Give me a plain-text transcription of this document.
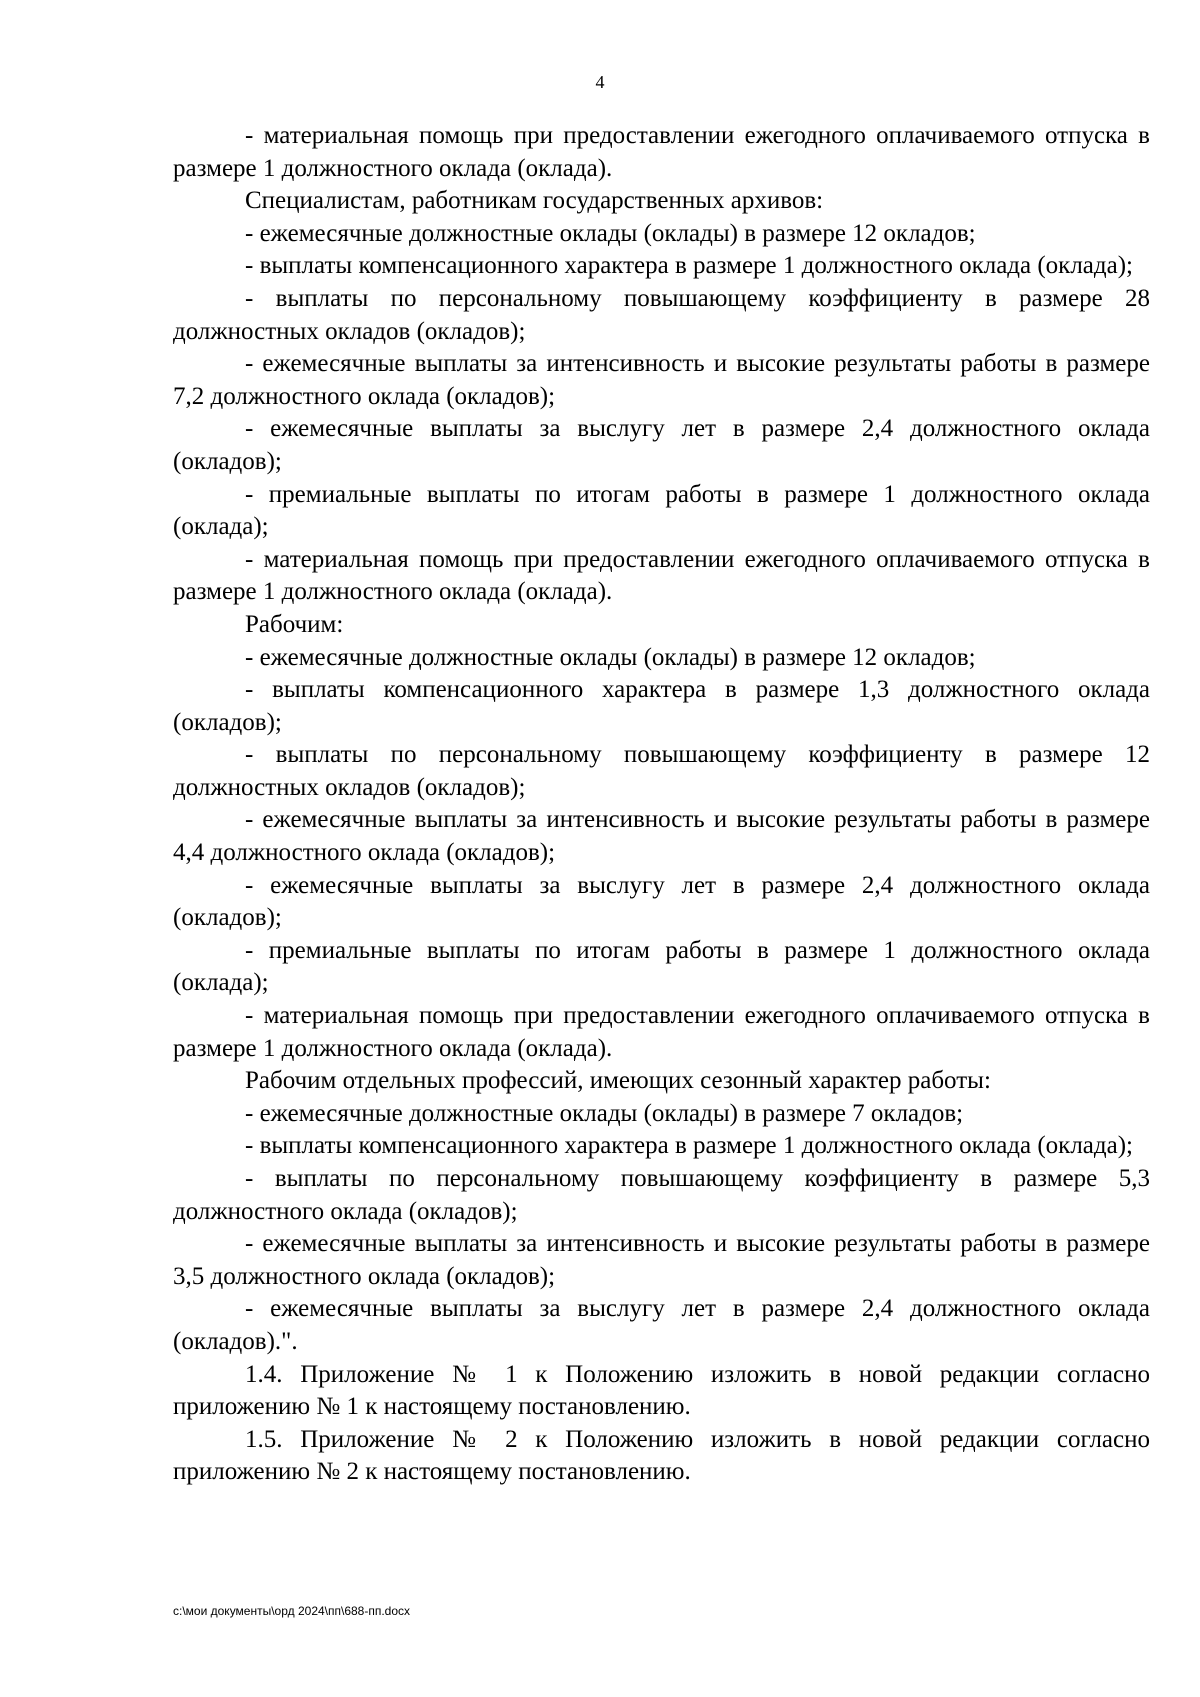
4

- материальная помощь при предоставлении ежегодного оплачиваемого отпуска в размере 1 должностного оклада (оклада).

Специалистам, работникам государственных архивов:

- ежемесячные должностные оклады (оклады) в размере 12 окладов;

- выплаты компенсационного характера в размере 1 должностного оклада (оклада);

- выплаты по персональному повышающему коэффициенту в размере 28 должностных окладов (окладов);

- ежемесячные выплаты за интенсивность и высокие результаты работы в размере 7,2 должностного оклада (окладов);

- ежемесячные выплаты за выслугу лет в размере 2,4 должностного оклада (окладов);

- премиальные выплаты по итогам работы в размере 1 должностного оклада (оклада);

- материальная помощь при предоставлении ежегодного оплачиваемого отпуска в размере 1 должностного оклада (оклада).

Рабочим:

- ежемесячные должностные оклады (оклады) в размере 12 окладов;

- выплаты компенсационного характера в размере 1,3 должностного оклада (окладов);

- выплаты по персональному повышающему коэффициенту в размере 12 должностных окладов (окладов);

- ежемесячные выплаты за интенсивность и высокие результаты работы в размере 4,4 должностного оклада (окладов);

- ежемесячные выплаты за выслугу лет в размере 2,4 должностного оклада (окладов);

- премиальные выплаты по итогам работы в размере 1 должностного оклада (оклада);

- материальная помощь при предоставлении ежегодного оплачиваемого отпуска в размере 1 должностного оклада (оклада).

Рабочим отдельных профессий, имеющих сезонный характер работы:

- ежемесячные должностные оклады (оклады) в размере 7 окладов;

- выплаты компенсационного характера в размере 1 должностного оклада (оклада);

- выплаты по персональному повышающему коэффициенту в размере 5,3 должностного оклада (окладов);

- ежемесячные выплаты за интенсивность и высокие результаты работы в размере 3,5 должностного оклада (окладов);

- ежемесячные выплаты за выслугу лет в размере 2,4 должностного оклада (окладов).".

1.4. Приложение № 1 к Положению изложить в новой редакции согласно приложению № 1 к настоящему постановлению.

1.5. Приложение № 2 к Положению изложить в новой редакции согласно приложению № 2 к настоящему постановлению.

c:\мои документы\орд 2024\пп\688-пп.docx
